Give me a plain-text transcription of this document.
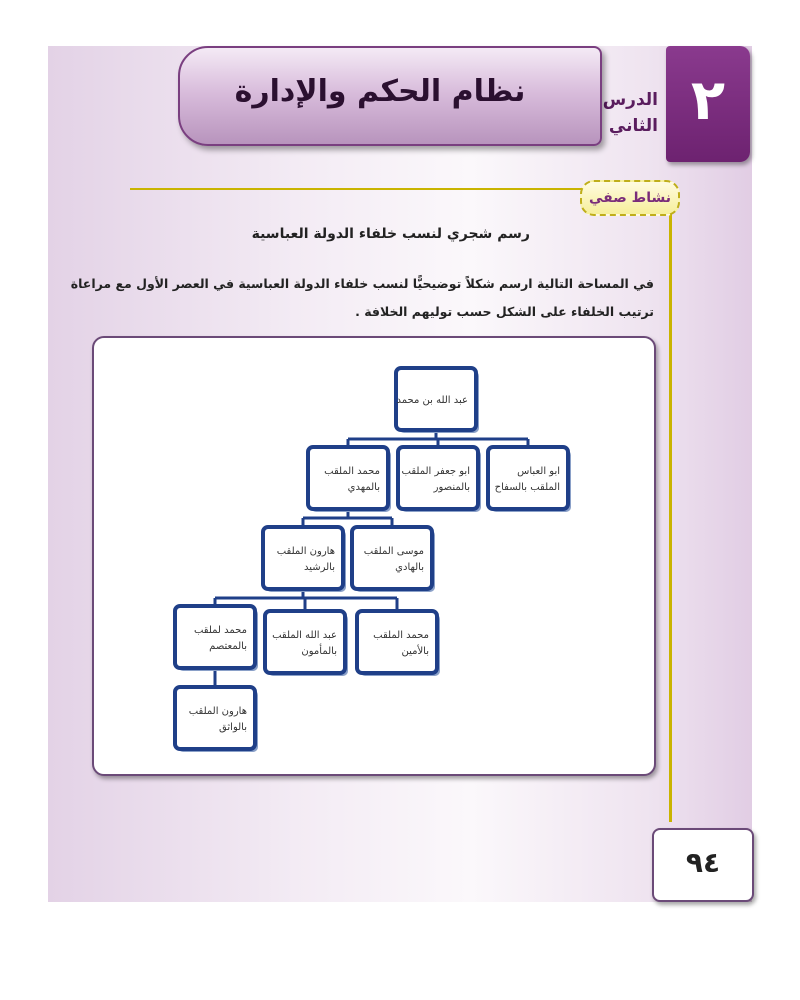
٢
الدرس
الثاني
نظام الحكم والإدارة
نشاط صفي
رسم شجري لنسب خلفاء الدولة العباسية
في المساحة التالية ارسم شكلاً توضيحيًّا لنسب خلفاء الدولة العباسية في العصر الأول مع مراعاة
ترتيب الخلفاء على الشكل حسب توليهم الخلافة .
عبد الله بن محمد
ابو العباس
الملقب بالسفاح
ابو جعفر الملقب
بالمنصور
محمد الملقب
بالمهدي
موسى الملقب
بالهادي
هارون الملقب
بالرشيد
محمد الملقب
بالأمين
عبد الله الملقب
بالمأمون
محمد لملقب
بالمعتصم
هارون الملقب
بالواثق
٩٤
